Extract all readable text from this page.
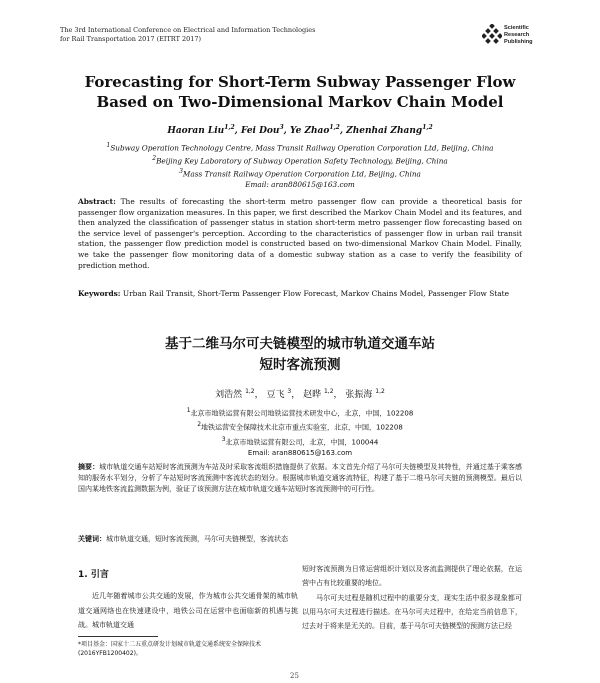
The 3rd International Conference on Electrical and Information Technologies
for Rail Transportation 2017 (EITRT 2017)
Scientific
Research
Publishing
Forecasting for Short-Term Subway Passenger Flow
Based on Two-Dimensional Markov Chain Model
Haoran Liu$^{1,2}$, Fei Dou$^3$, Ye Zhao$^{1,2}$, Zhenhai Zhang$^{1,2}$
$^1$Subway Operation Technology Centre, Mass Transit Railway Operation Corporation Ltd, Beijing, China
$^2$Beijing Key Laboratory of Subway Operation Safety Technology, Beijing, China
$^3$Mass Transit Railway Operation Corporation Ltd, Beijing, China
Email: aran880615@163.com
Abstract: The results of forecasting the short-term metro passenger flow can provide a theoretical basis for passenger flow organization measures. In this paper, we first described the Markov Chain Model and its features, and then analyzed the classification of passenger status in station short-term metro passenger flow forecasting based on the service level of passenger's perception. According to the characteristics of passenger flow in urban rail transit station, the passenger flow prediction model is constructed based on two-dimensional Markov Chain Model. Finally, we take the passenger flow monitoring data of a domestic subway station as a case to verify the feasibility of prediction method.
Keywords: Urban Rail Transit, Short-Term Passenger Flow Forecast, Markov Chains Model, Passenger Flow State
基于二维马尔可夫链模型的城市轨道交通车站
短时客流预测
刘浩然 $^{1,2}$， 豆飞 $^3$， 赵晔 $^{1,2}$， 张振海 $^{1,2}$
$^1$北京市地铁运营有限公司地铁运营技术研发中心，北京，中国，102208
$^2$地铁运营安全保障技术北京市重点实验室，北京，中国，102208
$^3$北京市地铁运营有限公司，北京，中国，100044
Email: aran880615@163.com
摘要：城市轨道交通车站短时客流预测为车站及时采取客流组织措施提供了依据。本文首先介绍了马尔可夫链模型及其特性，并通过基于乘客感知的服务水平划分，分析了车站短时客流预测中客流状态的划分。根据城市轨道交通客流特征，构建了基于二维马尔可夫链的预测模型。最后以国内某地铁客流监测数据为例，验证了该预测方法在城市轨道交通车站短时客流预测中的可行性。
关键词：城市轨道交通，短时客流预测，马尔可夫链模型，客流状态
1. 引言
近几年随着城市公共交通的发展，作为城市公共交通骨架的城市轨道交通网络也在快速建设中，地铁公司在运营中也面临新的机遇与挑战。城市轨道交通
短时客流预测为日常运营组织计划以及客流监测提供了理论依据，在运营中占有比较重要的地位。
马尔可夫过程是随机过程中的重要分支，现实生活中很多现象都可以用马尔可夫过程进行描述。在马尔可夫过程中，在给定当前信息下，过去对于将来是无关的。目前，基于马尔可夫链模型的预测方法已经
*项目基金：国家十二五重点研发计划城市轨道交通系统安全保障技术(2016YFB1200402)。
25
